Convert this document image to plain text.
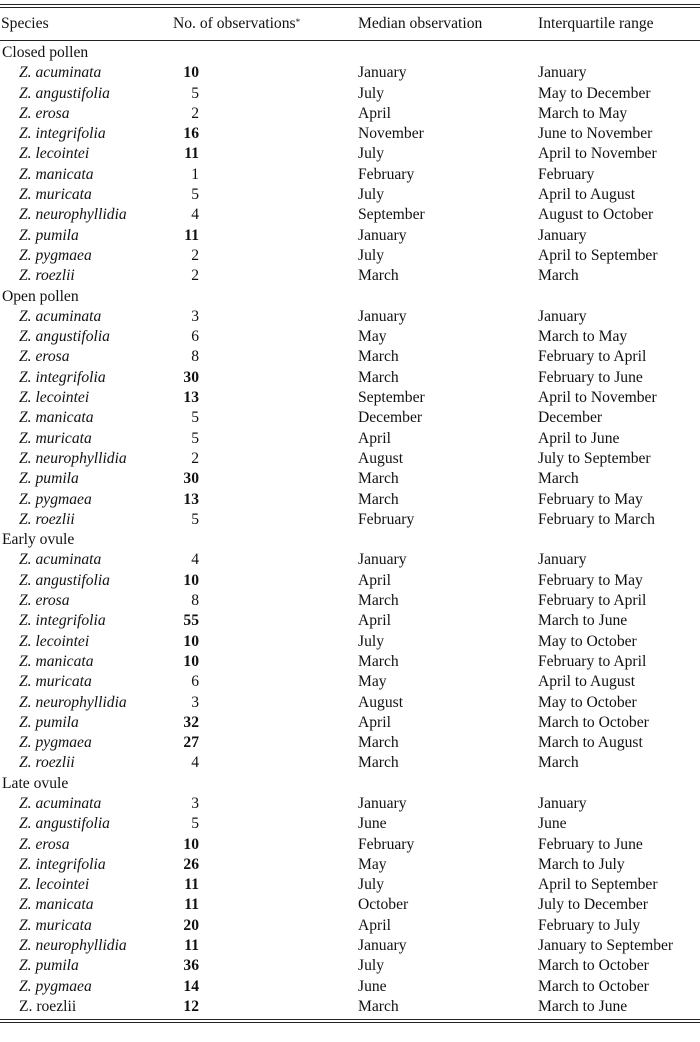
Species	No. of observations*	Median observation	Interquartile range
Closed pollen
Z. acuminata	10	January	January
Z. angustifolia	5	July	May to December
Z. erosa	2	April	March to May
Z. integrifolia	16	November	June to November
Z. lecointei	11	July	April to November
Z. manicata	1	February	February
Z. muricata	5	July	April to August
Z. neurophyllidia	4	September	August to October
Z. pumila	11	January	January
Z. pygmaea	2	July	April to September
Z. roezlii	2	March	March
Open pollen
Z. acuminata	3	January	January
Z. angustifolia	6	May	March to May
Z. erosa	8	March	February to April
Z. integrifolia	30	March	February to June
Z. lecointei	13	September	April to November
Z. manicata	5	December	December
Z. muricata	5	April	April to June
Z. neurophyllidia	2	August	July to September
Z. pumila	30	March	March
Z. pygmaea	13	March	February to May
Z. roezlii	5	February	February to March
Early ovule
Z. acuminata	4	January	January
Z. angustifolia	10	April	February to May
Z. erosa	8	March	February to April
Z. integrifolia	55	April	March to June
Z. lecointei	10	July	May to October
Z. manicata	10	March	February to April
Z. muricata	6	May	April to August
Z. neurophyllidia	3	August	May to October
Z. pumila	32	April	March to October
Z. pygmaea	27	March	March to August
Z. roezlii	4	March	March
Late ovule
Z. acuminata	3	January	January
Z. angustifolia	5	June	June
Z. erosa	10	February	February to June
Z. integrifolia	26	May	March to July
Z. lecointei	11	July	April to September
Z. manicata	11	October	July to December
Z. muricata	20	April	February to July
Z. neurophyllidia	11	January	January to September
Z. pumila	36	July	March to October
Z. pygmaea	14	June	March to October
Z. roezlii	12	March	March to June
